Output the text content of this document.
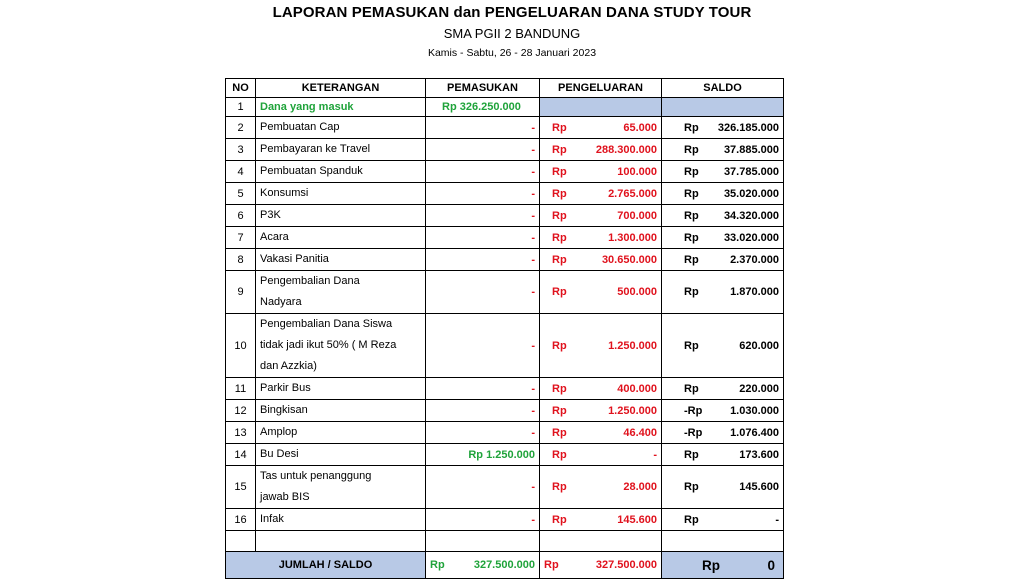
LAPORAN PEMASUKAN dan PENGELUARAN DANA STUDY TOUR
SMA PGII 2 BANDUNG
Kamis - Sabtu, 26 - 28 Januari 2023
NO	KETERANGAN	PEMASUKAN	PENGELUARAN	SALDO
1	Dana yang masuk	Rp 326.250.000		

2	Pembuatan Cap	-	Rp 65.000	Rp 326.185.000

3	Pembayaran ke Travel	-	Rp 288.300.000	Rp 37.885.000

4	Pembuatan Spanduk	-	Rp 100.000	Rp 37.785.000

5	Konsumsi	-	Rp 2.765.000	Rp 35.020.000

6	P3K	-	Rp 700.000	Rp 34.320.000

7	Acara	-	Rp 1.300.000	Rp 33.020.000

8	Vakasi Panitia	-	Rp 30.650.000	Rp 2.370.000

9	Pengembalian Dana
Nadyara	-	Rp 500.000	Rp 1.870.000

10	Pengembalian Dana Siswa
tidak jadi ikut 50% ( M Reza
dan Azzkia)	-	Rp 1.250.000	Rp 620.000

11	Parkir Bus	-	Rp 400.000	Rp 220.000

12	Bingkisan	-	Rp 1.250.000	-Rp 1.030.000

13	Amplop	-	Rp 46.400	-Rp 1.076.400

14	Bu Desi	Rp 1.250.000	Rp -	Rp 173.600

15	Tas untuk penanggung
jawab BIS	-	Rp 28.000	Rp 145.600

16	Infak	-	Rp 145.600	Rp -

JUMLAH / SALDO		Rp 327.500.000	Rp 327.500.000	Rp 0
